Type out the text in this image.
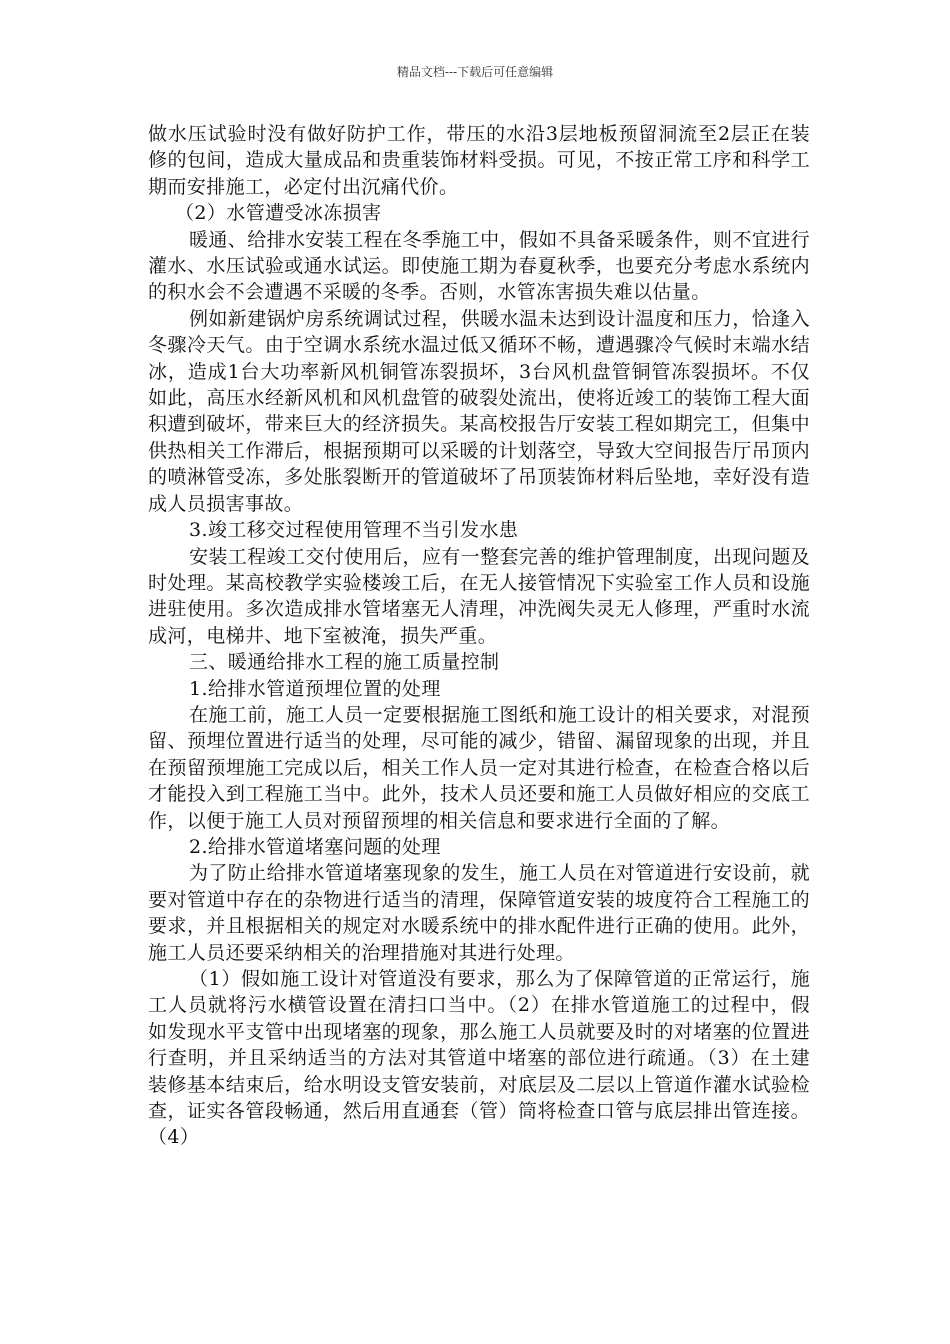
精品文档---下载后可任意编辑

做水压试验时没有做好防护工作，带压的水沿3层地板预留洞流至2层正在装修的包间，造成大量成品和贵重装饰材料受损。可见，不按正常工序和科学工期而安排施工，必定付出沉痛代价。

（2）水管遭受冰冻损害

暖通、给排水安装工程在冬季施工中，假如不具备采暖条件，则不宜进行灌水、水压试验或通水试运。即使施工期为春夏秋季，也要充分考虑水系统内的积水会不会遭遇不采暖的冬季。否则，水管冻害损失难以估量。

例如新建锅炉房系统调试过程，供暖水温未达到设计温度和压力，恰逢入冬骤冷天气。由于空调水系统水温过低又循环不畅，遭遇骤冷气候时末端水结冰，造成1台大功率新风机铜管冻裂损坏，3台风机盘管铜管冻裂损坏。不仅如此，高压水经新风机和风机盘管的破裂处流出，使将近竣工的装饰工程大面积遭到破坏，带来巨大的经济损失。某高校报告厅安装工程如期完工，但集中供热相关工作滞后，根据预期可以采暖的计划落空，导致大空间报告厅吊顶内的喷淋管受冻，多处胀裂断开的管道破坏了吊顶装饰材料后坠地，幸好没有造成人员损害事故。

3.竣工移交过程使用管理不当引发水患

安装工程竣工交付使用后，应有一整套完善的维护管理制度，出现问题及时处理。某高校教学实验楼竣工后，在无人接管情况下实验室工作人员和设施进驻使用。多次造成排水管堵塞无人清理，冲洗阀失灵无人修理，严重时水流成河，电梯井、地下室被淹，损失严重。

三、暖通给排水工程的施工质量控制

1.给排水管道预埋位置的处理

在施工前，施工人员一定要根据施工图纸和施工设计的相关要求，对混预留、预埋位置进行适当的处理，尽可能的减少，错留、漏留现象的出现，并且在预留预埋施工完成以后，相关工作人员一定对其进行检查，在检查合格以后才能投入到工程施工当中。此外，技术人员还要和施工人员做好相应的交底工作，以便于施工人员对预留预埋的相关信息和要求进行全面的了解。

2.给排水管道堵塞问题的处理

为了防止给排水管道堵塞现象的发生，施工人员在对管道进行安设前，就要对管道中存在的杂物进行适当的清理，保障管道安装的坡度符合工程施工的要求，并且根据相关的规定对水暖系统中的排水配件进行正确的使用。此外，施工人员还要采纳相关的治理措施对其进行处理。

（1）假如施工设计对管道没有要求，那么为了保障管道的正常运行，施工人员就将污水横管设置在清扫口当中。（2）在排水管道施工的过程中，假如发现水平支管中出现堵塞的现象，那么施工人员就要及时的对堵塞的位置进行查明，并且采纳适当的方法对其管道中堵塞的部位进行疏通。（3）在土建装修基本结束后，给水明设支管安装前，对底层及二层以上管道作灌水试验检查，证实各管段畅通，然后用直通套（管）筒将检查口管与底层排出管连接。（4）
